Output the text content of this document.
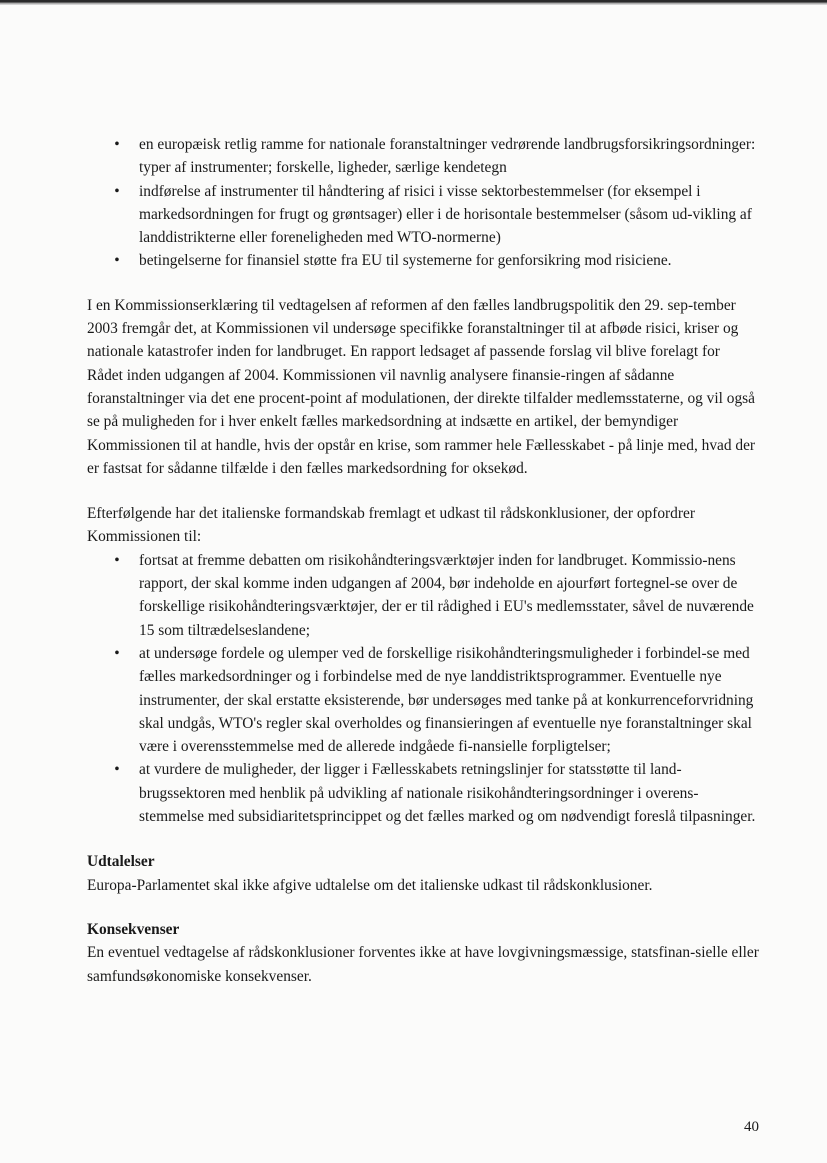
• en europæisk retlig ramme for nationale foranstaltninger vedrørende landbrugsforsikringsordninger: typer af instrumenter; forskelle, ligheder, særlige kendetegn
• indførelse af instrumenter til håndtering af risici i visse sektorbestemmelser (for eksempel i markedsordningen for frugt og grøntsager) eller i de horisontale bestemmelser (såsom ud-vikling af landdistrikterne eller foreneligheden med WTO-normerne)
• betingelserne for finansiel støtte fra EU til systemerne for genforsikring mod risiciene.

I en Kommissionserklæring til vedtagelsen af reformen af den fælles landbrugspolitik den 29. sep-tember 2003 fremgår det, at Kommissionen vil undersøge specifikke foranstaltninger til at afbøde risici, kriser og nationale katastrofer inden for landbruget. En rapport ledsaget af passende forslag vil blive forelagt for Rådet inden udgangen af 2004. Kommissionen vil navnlig analysere finansie-ringen af sådanne foranstaltninger via det ene procent-point af modulationen, der direkte tilfalder medlemsstaterne, og vil også se på muligheden for i hver enkelt fælles markedsordning at indsætte en artikel, der bemyndiger Kommissionen til at handle, hvis der opstår en krise, som rammer hele Fællesskabet - på linje med, hvad der er fastsat for sådanne tilfælde i den fælles markedsordning for oksekød.

Efterfølgende har det italienske formandskab fremlagt et udkast til rådskonklusioner, der opfordrer Kommissionen til:

• fortsat at fremme debatten om risikohåndteringsværktøjer inden for landbruget. Kommissio-nens rapport, der skal komme inden udgangen af 2004, bør indeholde en ajourført fortegnel-se over de forskellige risikohåndteringsværktøjer, der er til rådighed i EU's medlemsstater, såvel de nuværende 15 som tiltrædelseslandene;
• at undersøge fordele og ulemper ved de forskellige risikohåndteringsmuligheder i forbindel-se med fælles markedsordninger og i forbindelse med de nye landdistriktsprogrammer. Eventuelle nye instrumenter, der skal erstatte eksisterende, bør undersøges med tanke på at konkurrenceforvridning skal undgås, WTO's regler skal overholdes og finansieringen af eventuelle nye foranstaltninger skal være i overensstemmelse med de allerede indgåede fi-nansielle forpligtelser;
• at vurdere de muligheder, der ligger i Fællesskabets retningslinjer for statsstøtte til land-brugssektoren med henblik på udvikling af nationale risikohåndteringsordninger i overens-stemmelse med subsidiaritetsprincippet og det fælles marked og om nødvendigt foreslå tilpasninger.

Udtalelser

Europa-Parlamentet skal ikke afgive udtalelse om det italienske udkast til rådskonklusioner.

Konsekvenser

En eventuel vedtagelse af rådskonklusioner forventes ikke at have lovgivningsmæssige, statsfinan-sielle eller samfundsøkonomiske konsekvenser.

40
